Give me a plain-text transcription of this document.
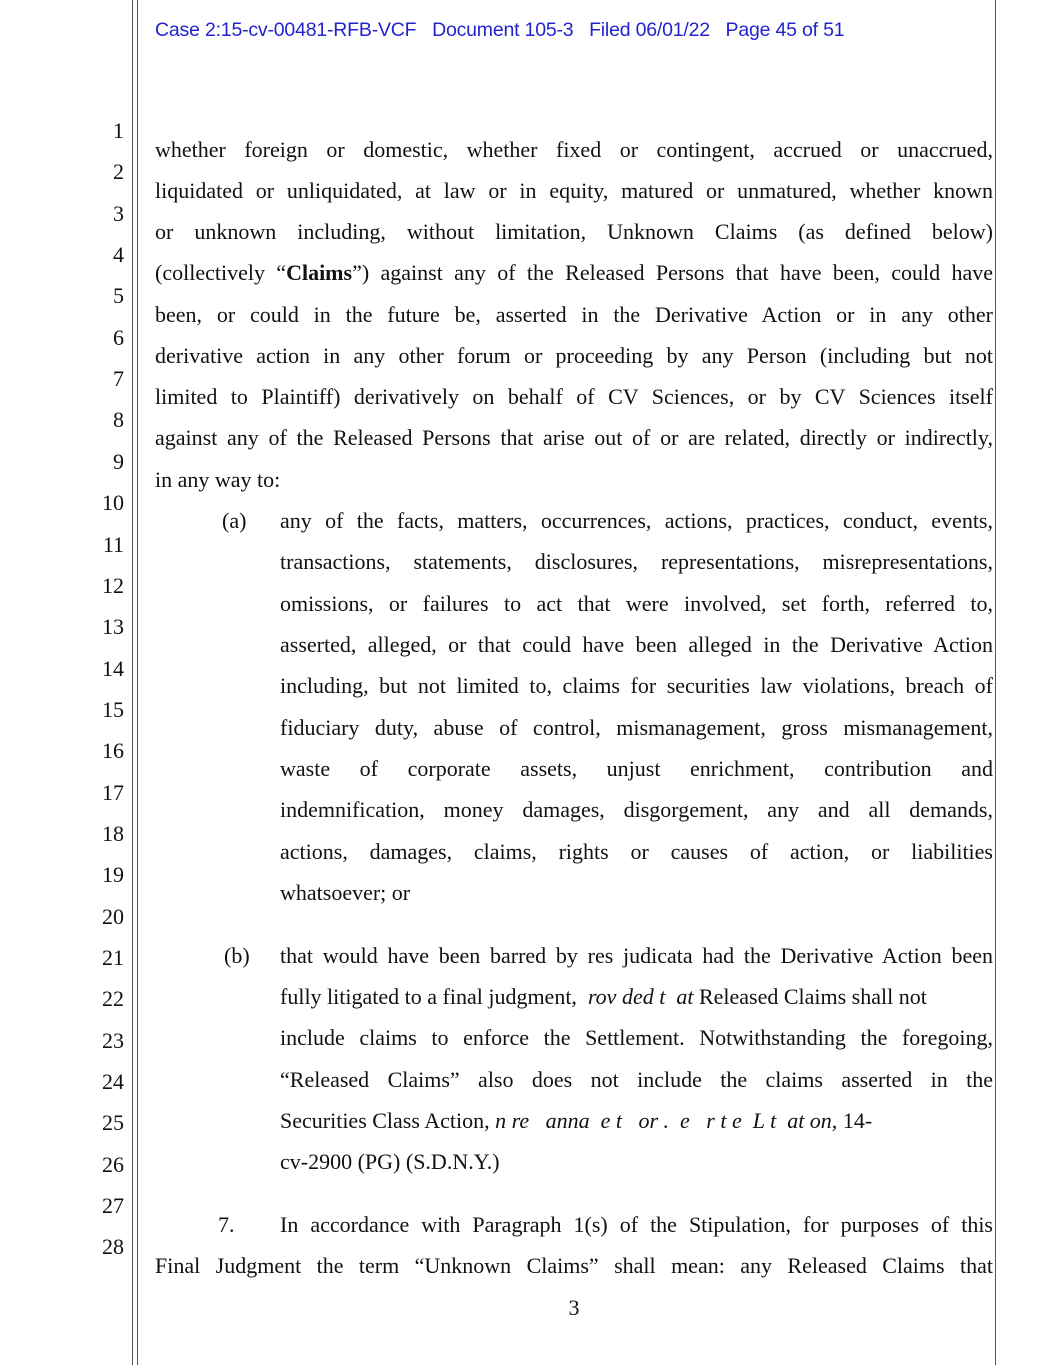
Case 2:15-cv-00481-RFB-VCF Document 105-3 Filed 06/01/22 Page 45 of 51
1
2
3
4
5
6
7
8
9
10
11
12
13
14
15
16
17
18
19
20
21
22
23
24
25
26
27
28
whether foreign or domestic, whether fixed or contingent, accrued or unaccrued,
liquidated or unliquidated, at law or in equity, matured or unmatured, whether known
or unknown including, without limitation, Unknown Claims (as defined below)
(collectively “Claims”) against any of the Released Persons that have been, could have
been, or could in the future be, asserted in the Derivative Action or in any other
derivative action in any other forum or proceeding by any Person (including but not
limited to Plaintiff) derivatively on behalf of CV Sciences, or by CV Sciences itself
against any of the Released Persons that arise out of or are related, directly or indirectly,
in any way to:
(a) any of the facts, matters, occurrences, actions, practices, conduct, events,
transactions, statements, disclosures, representations, misrepresentations,
omissions, or failures to act that were involved, set forth, referred to,
asserted, alleged, or that could have been alleged in the Derivative Action
including, but not limited to, claims for securities law violations, breach of
fiduciary duty, abuse of control, mismanagement, gross mismanagement,
waste of corporate assets, unjust enrichment, contribution and
indemnification, money damages, disgorgement, any and all demands,
actions, damages, claims, rights or causes of action, or liabilities
whatsoever; or
(b) that would have been barred by res judicata had the Derivative Action been
fully litigated to a final judgment,  rov ded t  at Released Claims shall not
include claims to enforce the Settlement. Notwithstanding the foregoing,
“Released Claims” also does not include the claims asserted in the
Securities Class Action, n re   anna  e t   or .  e   r t e  L t  at on, 14-
cv-2900 (PG) (S.D.N.Y.)
7. In accordance with Paragraph 1(s) of the Stipulation, for purposes of this
Final Judgment the term “Unknown Claims” shall mean: any Released Claims that
3
